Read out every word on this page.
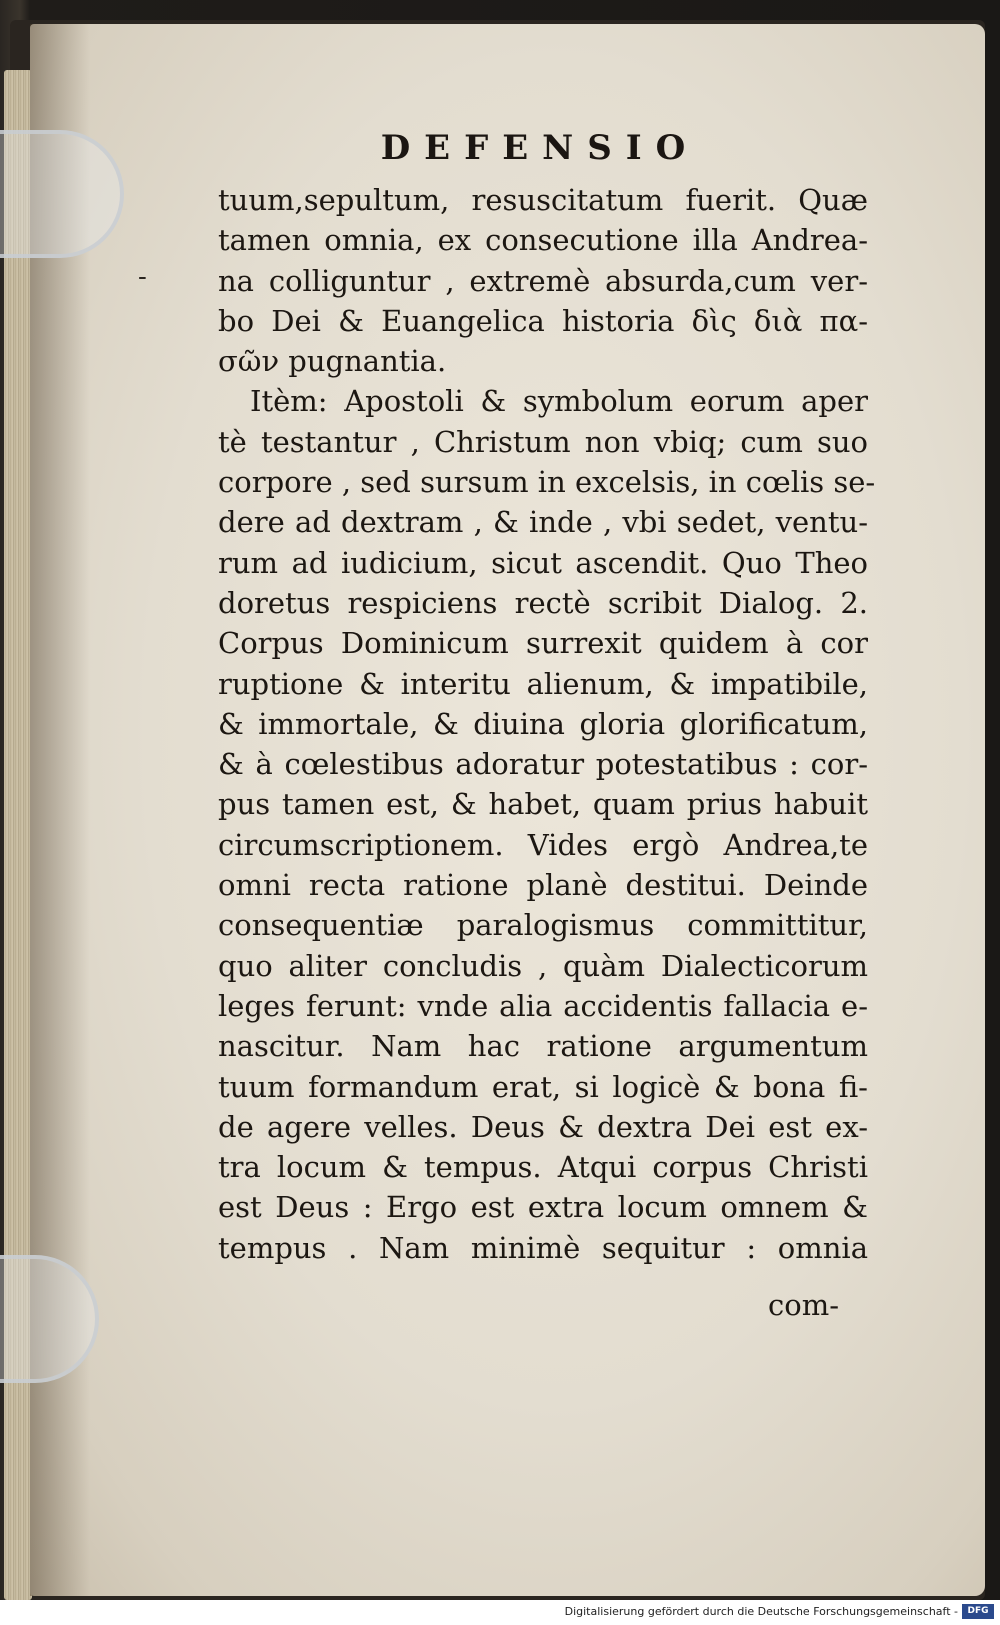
DEFENSIO
-
tuum,sepultum, resuscitatum fuerit. Quæ
tamen omnia, ex consecutione illa Andrea-
na colliguntur , extremè absurda,cum ver-
bo Dei & Euangelica historia δὶς διὰ πα-
σῶν pugnantia.
Itèm: Apostoli & symbolum eorum aper
tè testantur , Christum non vbiq; cum suo
corpore , sed sursum in excelsis, in cœlis se-
dere ad dextram , & inde , vbi sedet, ventu-
rum ad iudicium, sicut ascendit. Quo Theo
doretus respiciens rectè scribit Dialog. 2.
Corpus Dominicum surrexit quidem à cor
ruptione & interitu alienum, & impatibile,
& immortale, & diuina gloria glorificatum,
& à cœlestibus adoratur potestatibus : cor-
pus tamen est, & habet, quam prius habuit
circumscriptionem. Vides ergò Andrea,te
omni recta ratione planè destitui. Deinde
consequentiæ paralogismus committitur,
quo aliter concludis , quàm Dialecticorum
leges ferunt: vnde alia accidentis fallacia e-
nascitur. Nam hac ratione argumentum
tuum formandum erat, si logicè & bona fi-
de agere velles. Deus & dextra Dei est ex-
tra locum & tempus. Atqui corpus Christi
est Deus : Ergo est extra locum omnem &
tempus . Nam minimè sequitur : omnia
com-
Digitalisierung gefördert durch die Deutsche Forschungsgemeinschaft -	DFG
